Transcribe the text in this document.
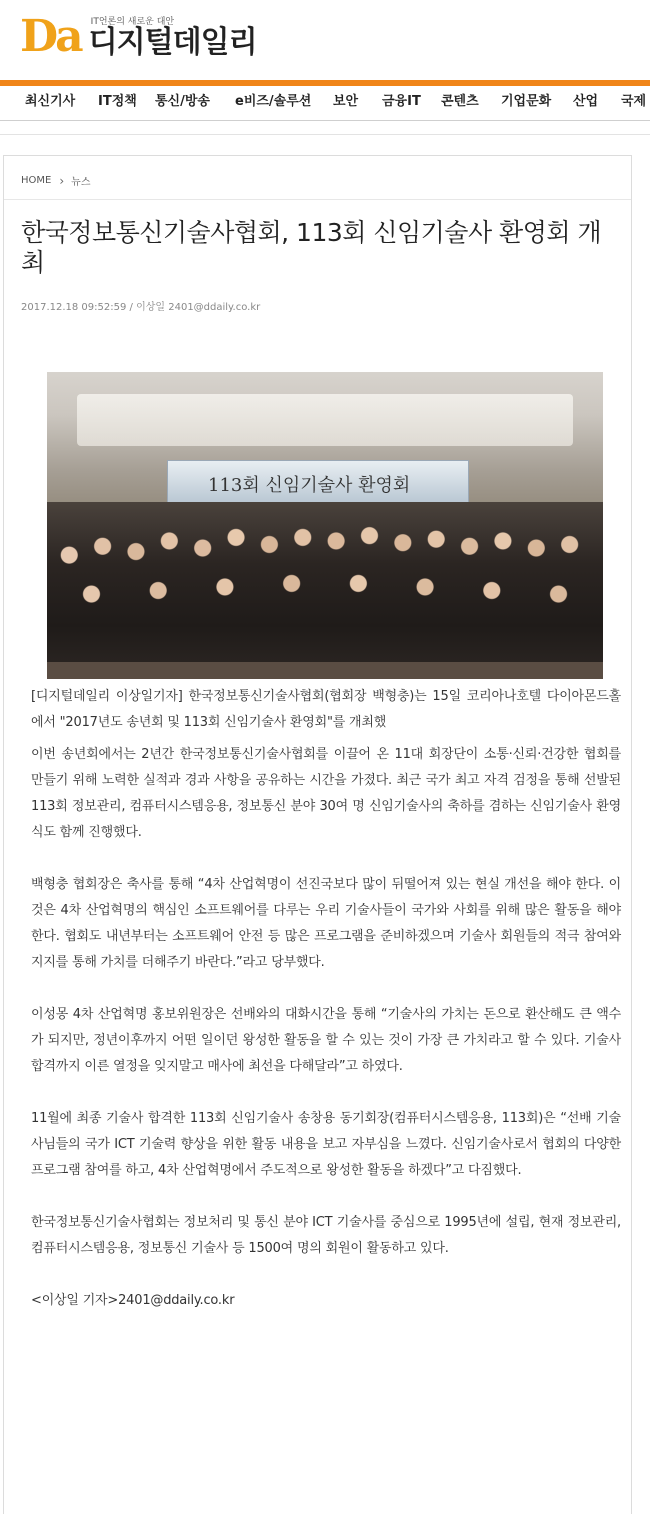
Da IT언론의 새로운 대안
디지털데일리
최신기사 IT정책 통신/방송 e비즈/솔루션 보안 금융IT 콘텐츠 기업문화 산업 국제
HOME › 뉴스
한국정보통신기술사협회, 113회 신임기술사 환영회 개최
2017.12.18 09:52:59 / 이상일 2401@ddaily.co.kr
113회 신임기술사 환영회

[디지털데일리 이상일기자] 한국정보통신기술사협회(협회장 백형충)는 15일 코리아나호텔 다이아몬드홀에서 "2017년도 송년회 및 113회 신임기술사 환영회"를 개최했

이번 송년회에서는 2년간 한국정보통신기술사협회를 이끌어 온 11대 회장단이 소통·신뢰·건강한 협회를 만들기 위해 노력한 실적과 경과 사항을 공유하는 시간을 가졌다. 최근 국가 최고 자격 검정을 통해 선발된 113회 정보관리, 컴퓨터시스템응용, 정보통신 분야 30여 명 신임기술사의 축하를 겸하는 신임기술사 환영식도 함께 진행했다.

백형충 협회장은 축사를 통해 “4차 산업혁명이 선진국보다 많이 뒤떨어져 있는 현실 개선을 해야 한다. 이것은 4차 산업혁명의 핵심인 소프트웨어를 다루는 우리 기술사들이 국가와 사회를 위해 많은 활동을 해야 한다. 협회도 내년부터는 소프트웨어 안전 등 많은 프로그램을 준비하겠으며 기술사 회원들의 적극 참여와 지지를 통해 가치를 더해주기 바란다.”라고 당부했다.

이성몽 4차 산업혁명 홍보위원장은 선배와의 대화시간을 통해 “기술사의 가치는 돈으로 환산해도 큰 액수가 되지만, 정년이후까지 어떤 일이던 왕성한 활동을 할 수 있는 것이 가장 큰 가치라고 할 수 있다. 기술사 합격까지 이른 열정을 잊지말고 매사에 최선을 다해달라”고 하였다.

11월에 최종 기술사 합격한 113회 신임기술사 송창용 동기회장(컴퓨터시스템응용, 113회)은 “선배 기술사님들의 국가 ICT 기술력 향상을 위한 활동 내용을 보고 자부심을 느꼈다. 신임기술사로서 협회의 다양한 프로그램 참여를 하고, 4차 산업혁명에서 주도적으로 왕성한 활동을 하겠다”고 다짐했다.

한국정보통신기술사협회는 정보처리 및 통신 분야 ICT 기술사를 중심으로 1995년에 설립, 현재 정보관리, 컴퓨터시스템응용, 정보통신 기술사 등 1500여 명의 회원이 활동하고 있다.

<이상일 기자>2401@ddaily.co.kr
